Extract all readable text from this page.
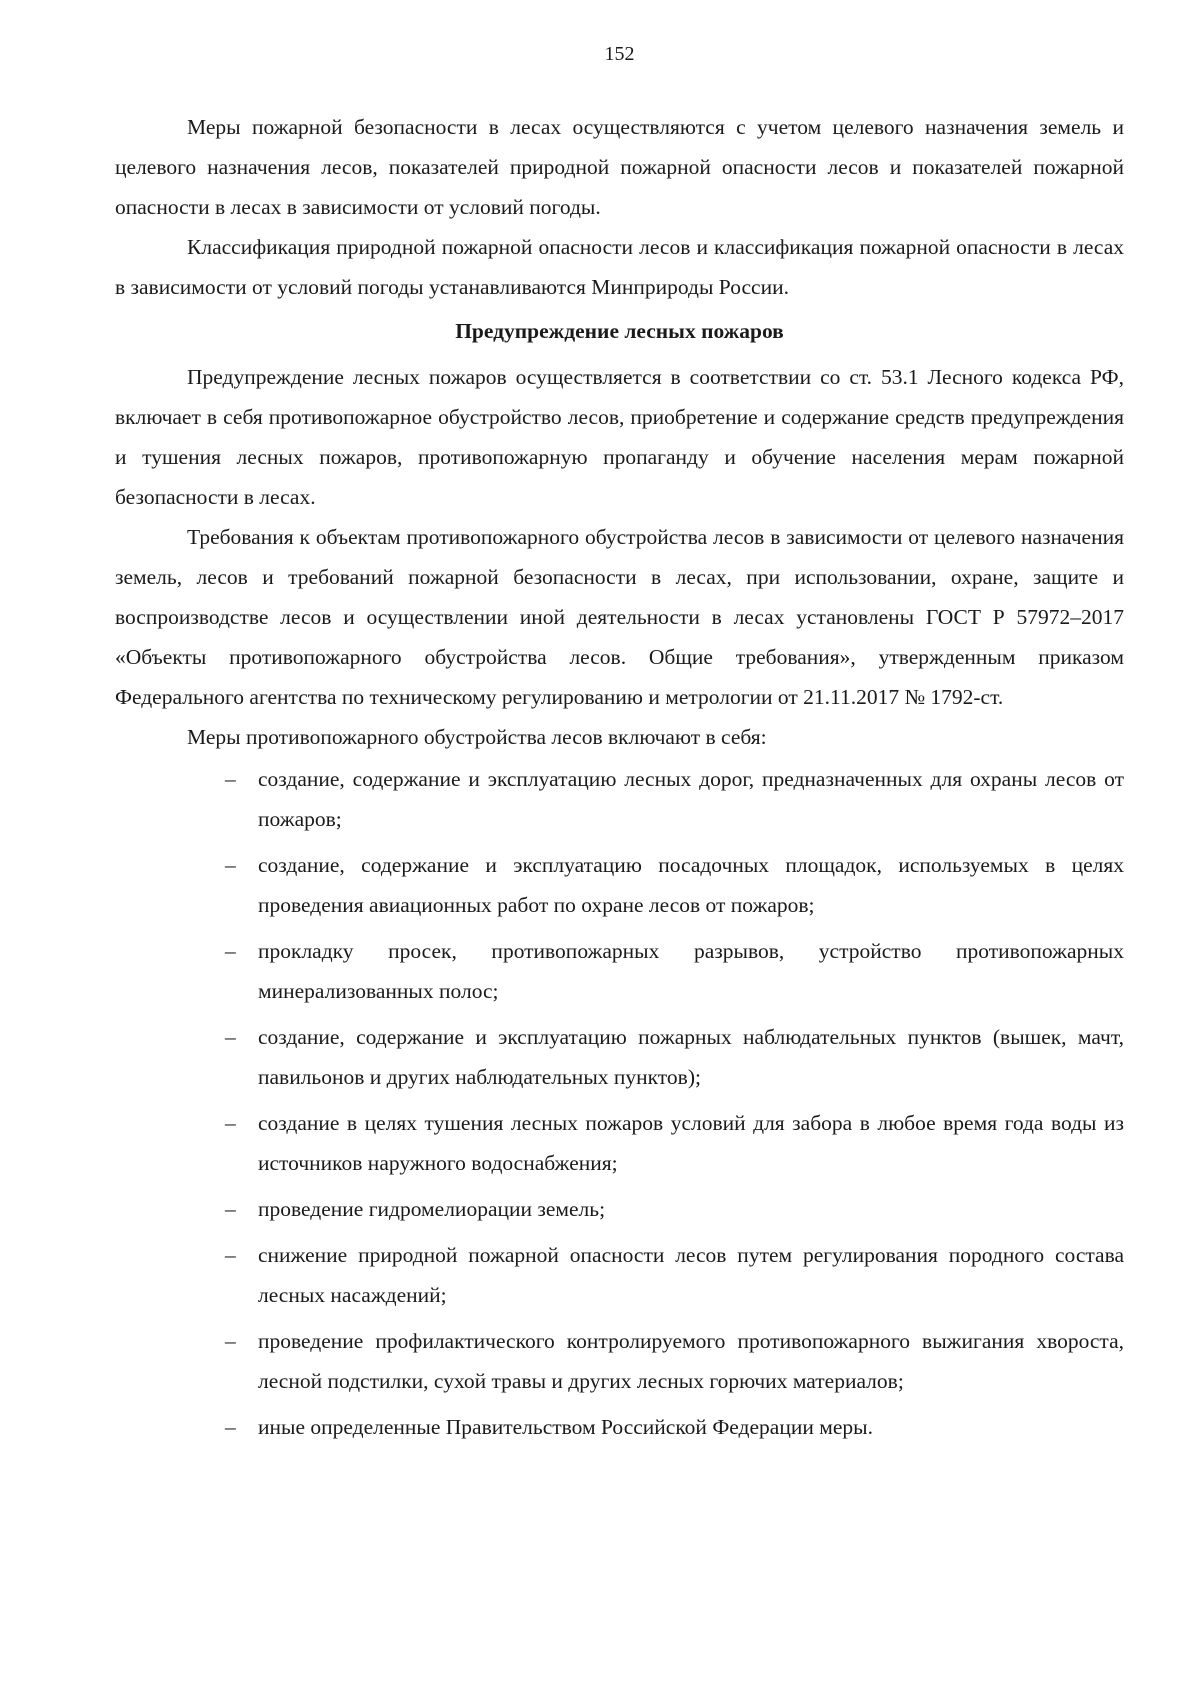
152

Меры пожарной безопасности в лесах осуществляются с учетом целевого назначения земель и целевого назначения лесов, показателей природной пожарной опасности лесов и показателей пожарной опасности в лесах в зависимости от условий погоды.

Классификация природной пожарной опасности лесов и классификация пожарной опасности в лесах в зависимости от условий погоды устанавливаются Минприроды России.

Предупреждение лесных пожаров

Предупреждение лесных пожаров осуществляется в соответствии со ст. 53.1 Лесного кодекса РФ, включает в себя противопожарное обустройство лесов, приобретение и содержание средств предупреждения и тушения лесных пожаров, противопожарную пропаганду и обучение населения мерам пожарной безопасности в лесах.

Требования к объектам противопожарного обустройства лесов в зависимости от целевого назначения земель, лесов и требований пожарной безопасности в лесах, при использовании, охране, защите и воспроизводстве лесов и осуществлении иной деятельности в лесах установлены ГОСТ Р 57972–2017 «Объекты противопожарного обустройства лесов. Общие требования», утвержденным приказом Федерального агентства по техническому регулированию и метрологии от 21.11.2017 № 1792-ст.

Меры противопожарного обустройства лесов включают в себя:

– создание, содержание и эксплуатацию лесных дорог, предназначенных для охраны лесов от пожаров;
– создание, содержание и эксплуатацию посадочных площадок, используемых в целях проведения авиационных работ по охране лесов от пожаров;
– прокладку просек, противопожарных разрывов, устройство противопожарных минерализованных полос;
– создание, содержание и эксплуатацию пожарных наблюдательных пунктов (вышек, мачт, павильонов и других наблюдательных пунктов);
– создание в целях тушения лесных пожаров условий для забора в любое время года воды из источников наружного водоснабжения;
– проведение гидромелиорации земель;
– снижение природной пожарной опасности лесов путем регулирования породного состава лесных насаждений;
– проведение профилактического контролируемого противопожарного выжигания хвороста, лесной подстилки, сухой травы и других лесных горючих материалов;
– иные определенные Правительством Российской Федерации меры.
